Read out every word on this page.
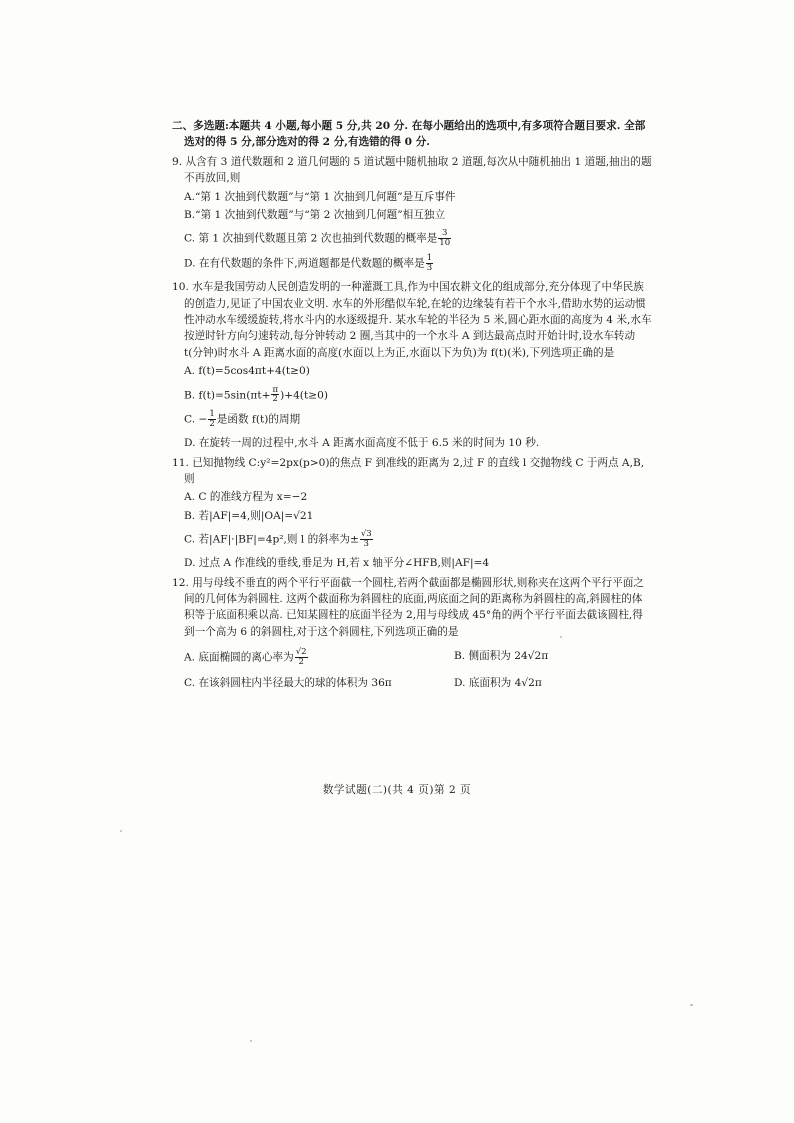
二、多选题:本题共 4 小题,每小题 5 分,共 20 分. 在每小题给出的选项中,有多项符合题目要求. 全部选对的得 5 分,部分选对的得 2 分,有选错的得 0 分.
9. 从含有 3 道代数题和 2 道几何题的 5 道试题中随机抽取 2 道题,每次从中随机抽出 1 道题,抽出的题不再放回,则
A.“第 1 次抽到代数题”与“第 1 次抽到几何题”是互斥事件
B.“第 1 次抽到代数题”与“第 2 次抽到几何题”相互独立
C. 第 1 次抽到代数题且第 2 次也抽到代数题的概率是 $\frac{3}{10}$
D. 在有代数题的条件下,两道题都是代数题的概率是 $\frac{1}{3}$
10. 水车是我国劳动人民创造发明的一种灌溉工具,作为中国农耕文化的组成部分,充分体现了中华民族的创造力,见证了中国农业文明. 水车的外形酷似车轮,在轮的边缘装有若干个水斗,借助水势的运动惯性冲动水车缓缓旋转,将水斗内的水逐级提升. 某水车轮的半径为 5 米,圆心距水面的高度为 4 米,水车按逆时针方向匀速转动,每分钟转动 2 圈,当其中的一个水斗 A 到达最高点时开始计时,设水车转动 t(分钟)时水斗 A 距离水面的高度(水面以上为正,水面以下为负)为 f(t)(米),下列选项正确的是
A. f(t)=5cos4πt+4(t≥0)
B. $f(t)=5\sin(\pi t+ \frac{\pi}{2} )+4(t\ge 0)$
C. − $\frac{1}{2}$ 是函数 f(t)的周期
D. 在旋转一周的过程中,水斗 A 距离水面高度不低于 6.5 米的时间为 10 秒.
11. 已知抛物线 C:y²=2px(p>0)的焦点 F 到准线的距离为 2,过 F 的直线 l 交抛物线 C 于两点 A,B,则
A. C 的准线方程为 x=−2
B. 若|AF|=4,则|OA|=√21
C. 若|AF|·|BF|=4p²,则 l 的斜率为± $\frac{√3}{3}$
D. 过点 A 作准线的垂线,垂足为 H,若 x 轴平分∠HFB,则|AF|=4
12. 用与母线不垂直的两个平行平面截一个圆柱,若两个截面都是椭圆形状,则称夹在这两个平行平面之间的几何体为斜圆柱. 这两个截面称为斜圆柱的底面,两底面之间的距离称为斜圆柱的高,斜圆柱的体积等于底面积乘以高. 已知某圆柱的底面半径为 2,用与母线成 45°角的两个平行平面去截该圆柱,得到一个高为 6 的斜圆柱,对于这个斜圆柱,下列选项正确的是
A. 底面椭圆的离心率为 $\frac{√2}{2}$	B. 侧面积为 24√2π
C. 在该斜圆柱内半径最大的球的体积为 36π	D. 底面积为 4√2π
数学试题(二)(共 4 页)第 2 页
